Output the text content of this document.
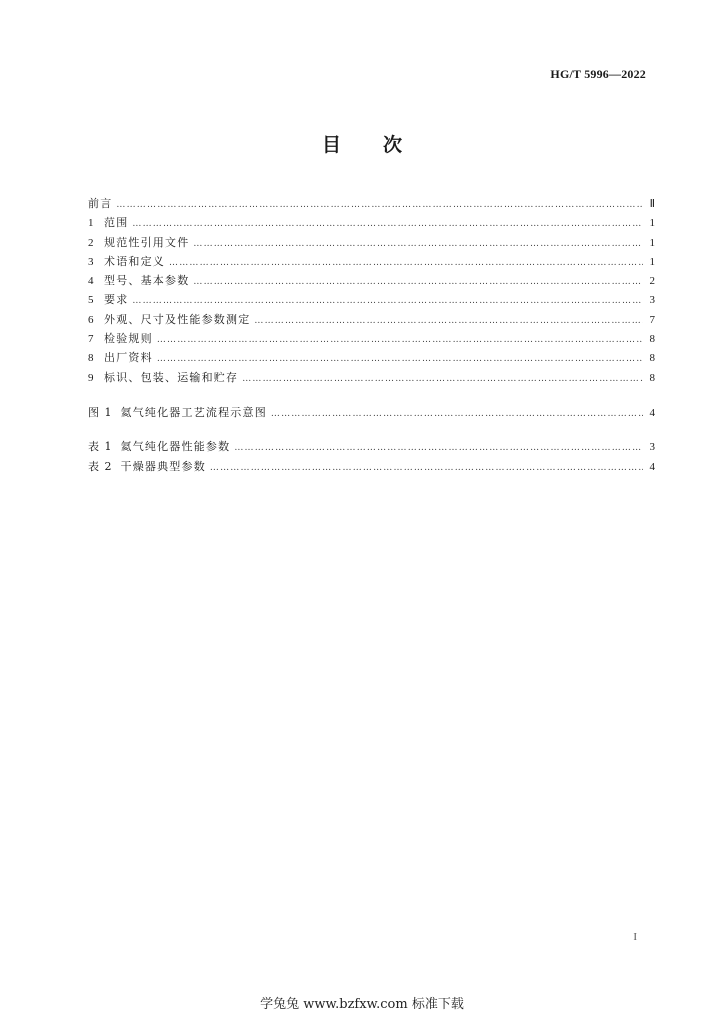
HG/T 5996—2022
目 次
前言 ………………………………………………………………………………………………………………………………………………………………………………………………………………	Ⅱ
1 范围 ………………………………………………………………………………………………………………………………………………………………………………………………………………	1
2 规范性引用文件 ………………………………………………………………………………………………………………………………………………………………………………………………………………	1
3 术语和定义 ………………………………………………………………………………………………………………………………………………………………………………………………………………	1
4 型号、基本参数 ………………………………………………………………………………………………………………………………………………………………………………………………………………	2
5 要求 ………………………………………………………………………………………………………………………………………………………………………………………………………………	3
6 外观、尺寸及性能参数测定 ………………………………………………………………………………………………………………………………………………………………………………………………………………	7
7 检验规则 ………………………………………………………………………………………………………………………………………………………………………………………………………………	8
8 出厂资料 ………………………………………………………………………………………………………………………………………………………………………………………………………………	8
9 标识、包装、运输和贮存 ………………………………………………………………………………………………………………………………………………………………………………………………………………	8
图 1 氦气纯化器工艺流程示意图 ………………………………………………………………………………………………………………………………………………………………………………………………………………	4
表 1 氦气纯化器性能参数 ………………………………………………………………………………………………………………………………………………………………………………………………………………	3
表 2 干燥器典型参数 ………………………………………………………………………………………………………………………………………………………………………………………………………………	4
I
学兔兔 www.bzfxw.com 标准下载
